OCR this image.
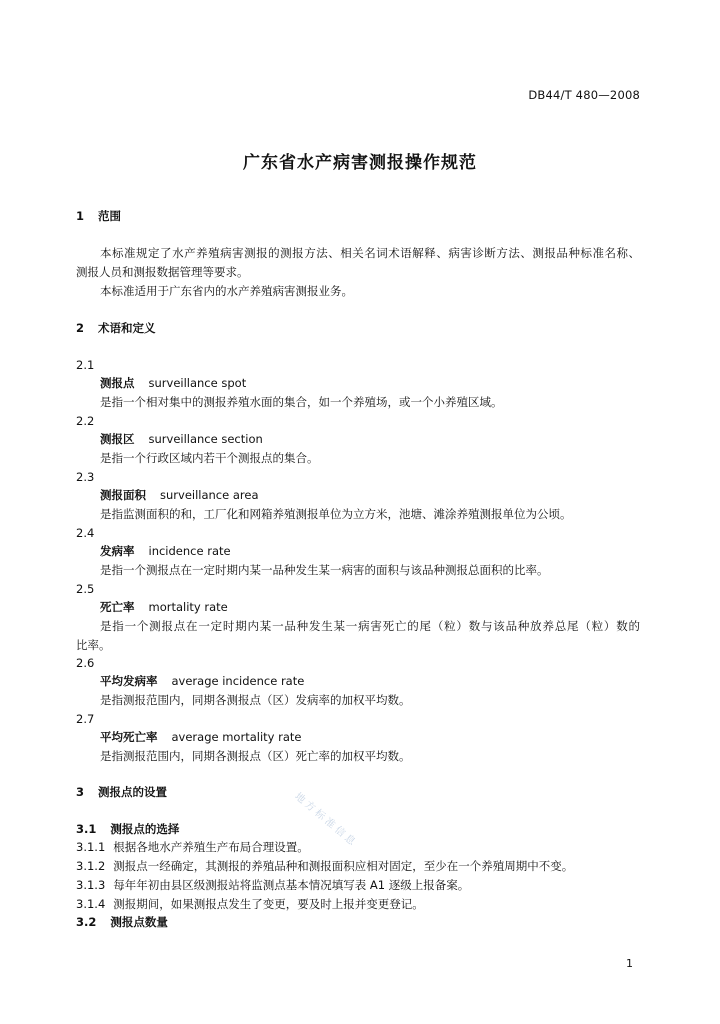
DB44/T 480—2008
广东省水产病害测报操作规范
1 范围
本标准规定了水产养殖病害测报的测报方法、相关名词术语解释、病害诊断方法、测报品种标准名称、
测报人员和测报数据管理等要求。
本标准适用于广东省内的水产养殖病害测报业务。
2 术语和定义
2.1
测报点 surveillance spot
是指一个相对集中的测报养殖水面的集合，如一个养殖场，或一个小养殖区域。
2.2
测报区 surveillance section
是指一个行政区域内若干个测报点的集合。
2.3
测报面积 surveillance area
是指监测面积的和，工厂化和网箱养殖测报单位为立方米，池塘、滩涂养殖测报单位为公顷。
2.4
发病率 incidence rate
是指一个测报点在一定时期内某一品种发生某一病害的面积与该品种测报总面积的比率。
2.5
死亡率 mortality rate
是指一个测报点在一定时期内某一品种发生某一病害死亡的尾（粒）数与该品种放养总尾（粒）数的
比率。
2.6
平均发病率 average incidence rate
是指测报范围内，同期各测报点（区）发病率的加权平均数。
2.7
平均死亡率 average mortality rate
是指测报范围内，同期各测报点（区）死亡率的加权平均数。
3 测报点的设置
3.1 测报点的选择
3.1.1 根据各地水产养殖生产布局合理设置。
3.1.2 测报点一经确定，其测报的养殖品种和测报面积应相对固定，至少在一个养殖周期中不变。
3.1.3 每年年初由县区级测报站将监测点基本情况填写表 A1 逐级上报备案。
3.1.4 测报期间，如果测报点发生了变更，要及时上报并变更登记。
3.2 测报点数量
地方标准信息
1
